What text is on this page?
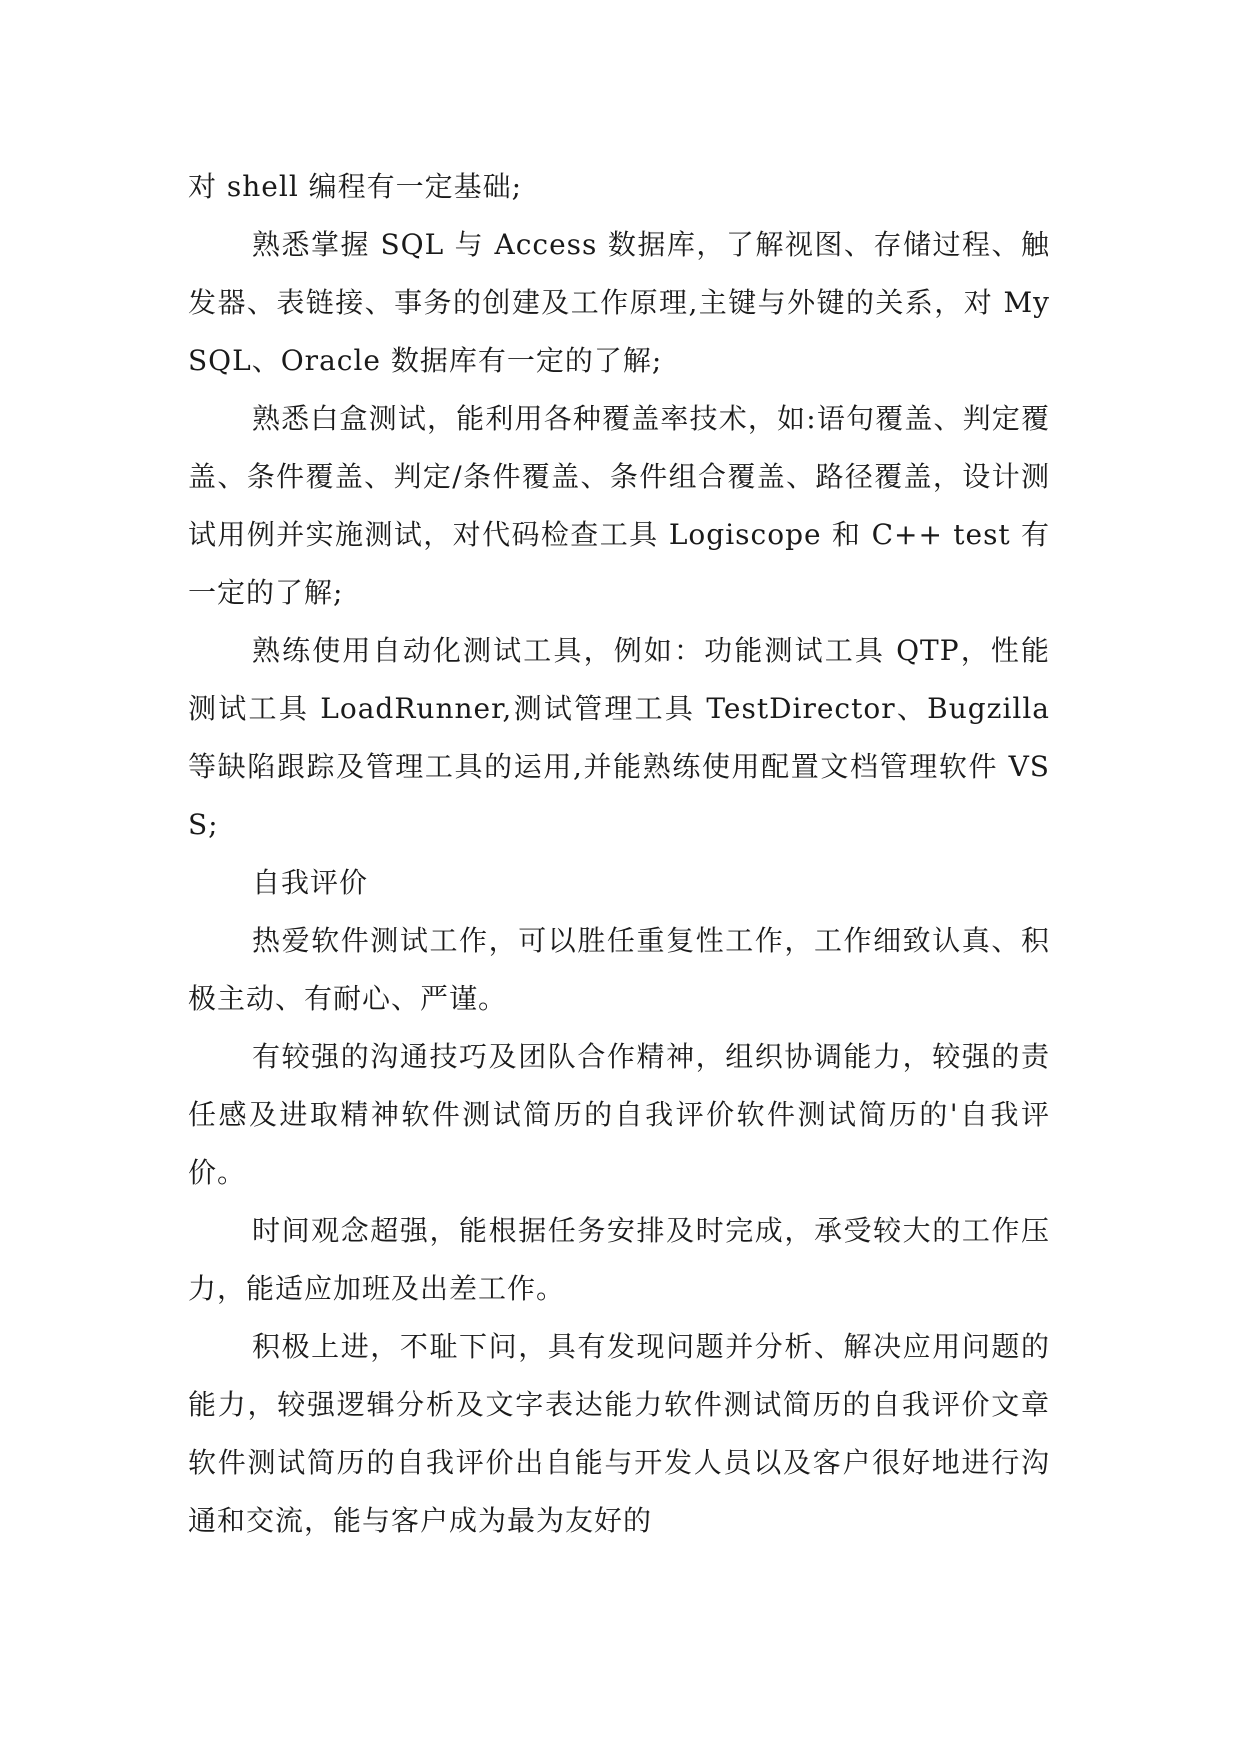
对 shell 编程有一定基础;

熟悉掌握 SQL 与 Access 数据库，了解视图、存储过程、触发器、表链接、事务的创建及工作原理,主键与外键的关系，对 MySQL、Oracle 数据库有一定的了解;

熟悉白盒测试，能利用各种覆盖率技术，如:语句覆盖、判定覆盖、条件覆盖、判定/条件覆盖、条件组合覆盖、路径覆盖，设计测试用例并实施测试，对代码检查工具 Logiscope 和 C++ test 有一定的了解;

熟练使用自动化测试工具，例如：功能测试工具 QTP，性能测试工具 LoadRunner,测试管理工具 TestDirector、Bugzilla 等缺陷跟踪及管理工具的运用,并能熟练使用配置文档管理软件 VSS;

自我评价

热爱软件测试工作，可以胜任重复性工作，工作细致认真、积极主动、有耐心、严谨。

有较强的沟通技巧及团队合作精神，组织协调能力，较强的责任感及进取精神软件测试简历的自我评价软件测试简历的'自我评价。

时间观念超强，能根据任务安排及时完成，承受较大的工作压力，能适应加班及出差工作。

积极上进，不耻下问，具有发现问题并分析、解决应用问题的能力，较强逻辑分析及文字表达能力软件测试简历的自我评价文章软件测试简历的自我评价出自能与开发人员以及客户很好地进行沟通和交流，能与客户成为最为友好的
